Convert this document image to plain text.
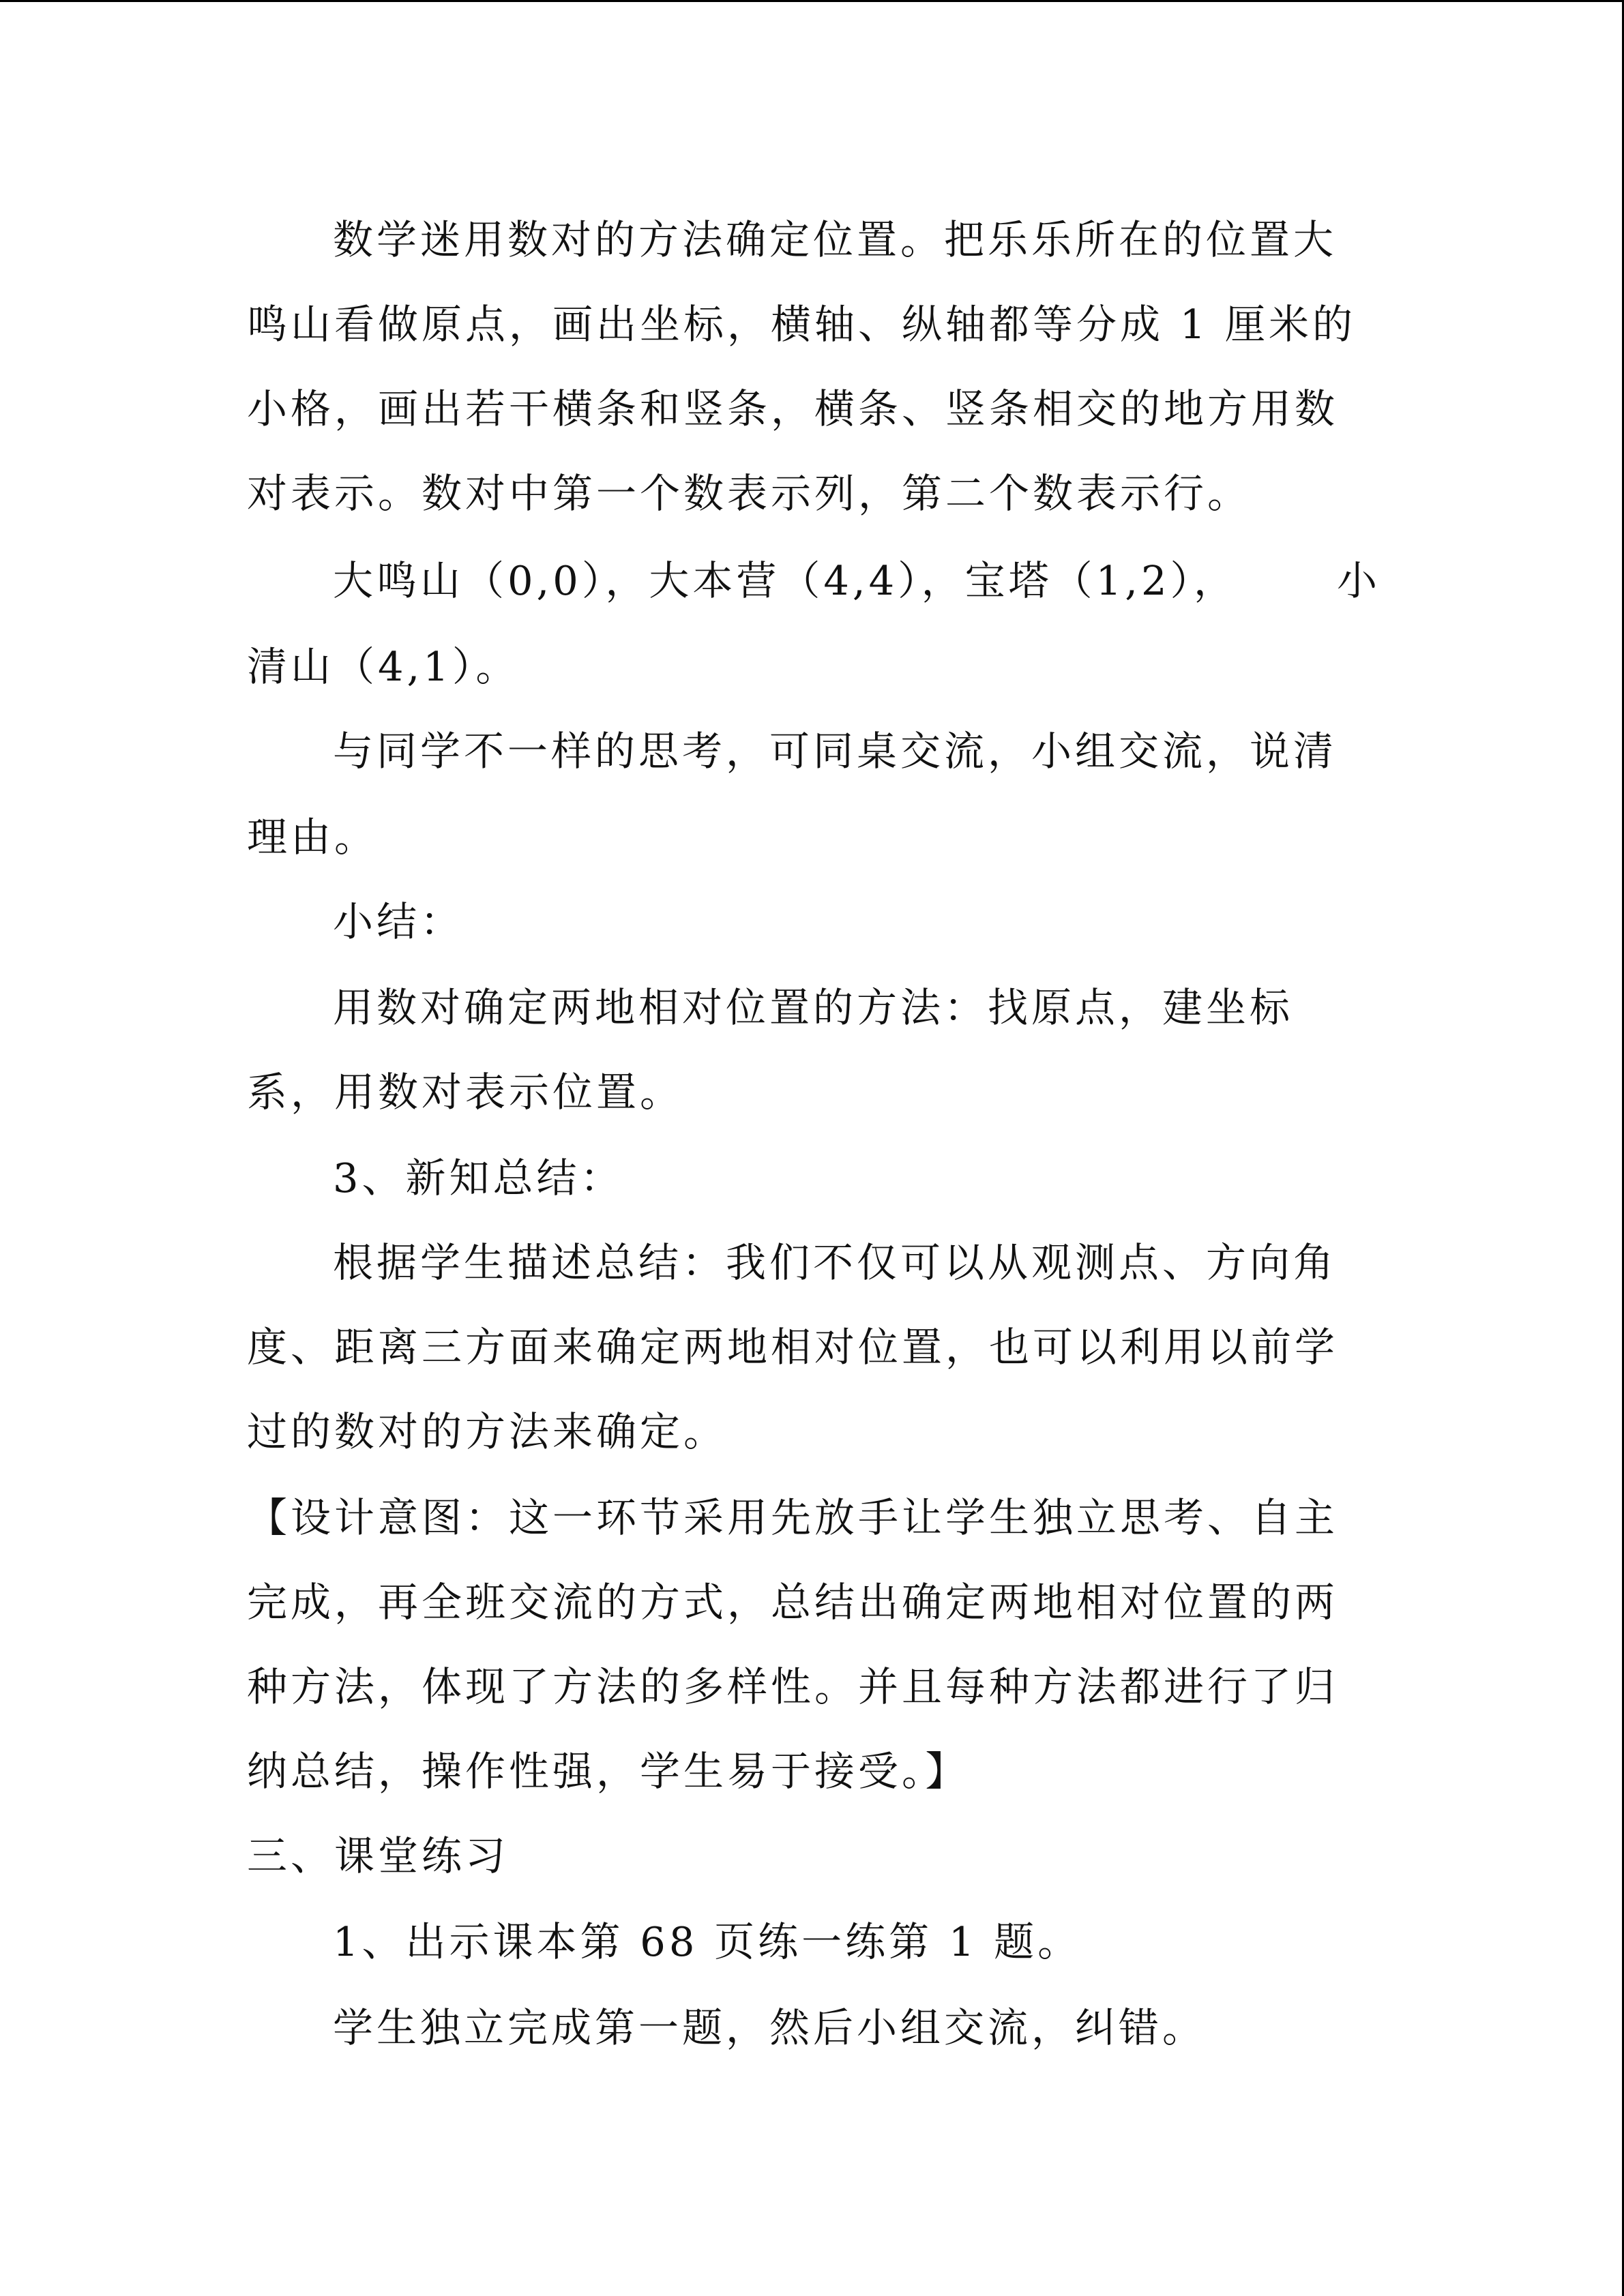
数学迷用数对的方法确定位置。把乐乐所在的位置大
鸣山看做原点，画出坐标，横轴、纵轴都等分成 1 厘米的
小格，画出若干横条和竖条，横条、竖条相交的地方用数
对表示。数对中第一个数表示列，第二个数表示行。
大鸣山（0,0），大本营（4,4），宝塔（1,2）， 小
清山（4,1）。
与同学不一样的思考，可同桌交流，小组交流，说清
理由。
小结：
用数对确定两地相对位置的方法：找原点，建坐标
系，用数对表示位置。
3、新知总结：
根据学生描述总结：我们不仅可以从观测点、方向角
度、距离三方面来确定两地相对位置，也可以利用以前学
过的数对的方法来确定。
【设计意图：这一环节采用先放手让学生独立思考、自主
完成，再全班交流的方式，总结出确定两地相对位置的两
种方法，体现了方法的多样性。并且每种方法都进行了归
纳总结，操作性强，学生易于接受。】
三、课堂练习
1、出示课本第 68 页练一练第 1 题。
学生独立完成第一题，然后小组交流，纠错。
